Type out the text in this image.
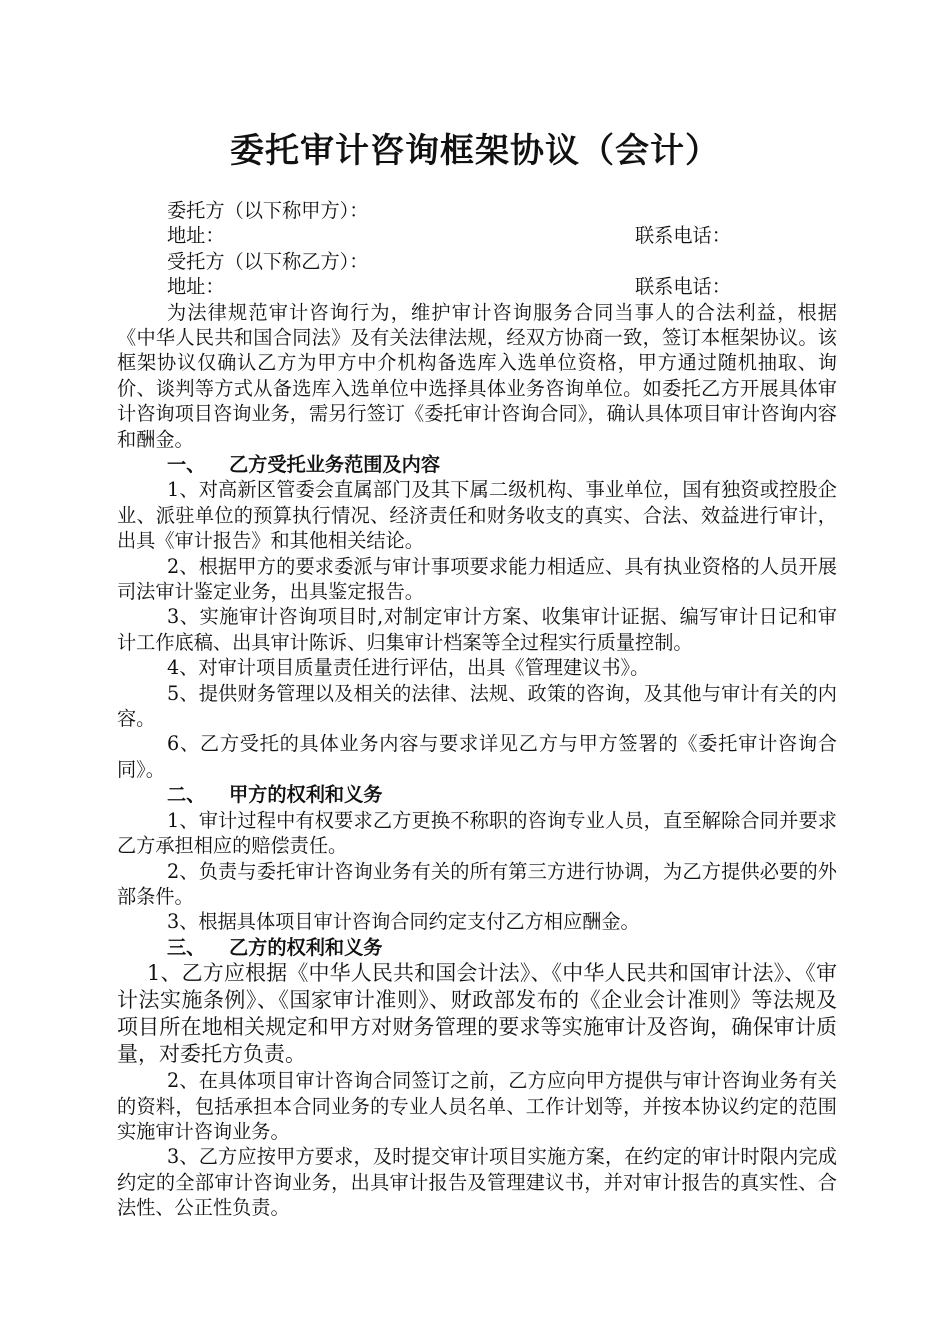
委托审计咨询框架协议（会计）
委托方（以下称甲方）：
地址：	联系电话：
受托方（以下称乙方）：
地址：	联系电话：

为法律规范审计咨询行为，维护审计咨询服务合同当事人的合法利益，根据《中华人民共和国合同法》及有关法律法规，经双方协商一致，签订本框架协议。该框架协议仅确认乙方为甲方中介机构备选库入选单位资格，甲方通过随机抽取、询价、谈判等方式从备选库入选单位中选择具体业务咨询单位。如委托乙方开展具体审计咨询项目咨询业务，需另行签订《委托审计咨询合同》，确认具体项目审计咨询内容和酬金。

一、 乙方受托业务范围及内容

1、对高新区管委会直属部门及其下属二级机构、事业单位，国有独资或控股企业、派驻单位的预算执行情况、经济责任和财务收支的真实、合法、效益进行审计，出具《审计报告》和其他相关结论。

2、根据甲方的要求委派与审计事项要求能力相适应、具有执业资格的人员开展司法审计鉴定业务，出具鉴定报告。

3、实施审计咨询项目时,对制定审计方案、收集审计证据、编写审计日记和审计工作底稿、出具审计陈诉、归集审计档案等全过程实行质量控制。

4、对审计项目质量责任进行评估，出具《管理建议书》。

5、提供财务管理以及相关的法律、法规、政策的咨询，及其他与审计有关的内容。

6、乙方受托的具体业务内容与要求详见乙方与甲方签署的《委托审计咨询合同》。

二、 甲方的权利和义务

1、审计过程中有权要求乙方更换不称职的咨询专业人员，直至解除合同并要求乙方承担相应的赔偿责任。

2、负责与委托审计咨询业务有关的所有第三方进行协调，为乙方提供必要的外部条件。

3、根据具体项目审计咨询合同约定支付乙方相应酬金。

三、 乙方的权利和义务

1、乙方应根据《中华人民共和国会计法》、《中华人民共和国审计法》、《审计法实施条例》、《国家审计准则》、财政部发布的《企业会计准则》等法规及项目所在地相关规定和甲方对财务管理的要求等实施审计及咨询，确保审计质量，对委托方负责。

2、在具体项目审计咨询合同签订之前，乙方应向甲方提供与审计咨询业务有关的资料，包括承担本合同业务的专业人员名单、工作计划等，并按本协议约定的范围实施审计咨询业务。

3、乙方应按甲方要求，及时提交审计项目实施方案，在约定的审计时限内完成约定的全部审计咨询业务，出具审计报告及管理建议书，并对审计报告的真实性、合法性、公正性负责。
